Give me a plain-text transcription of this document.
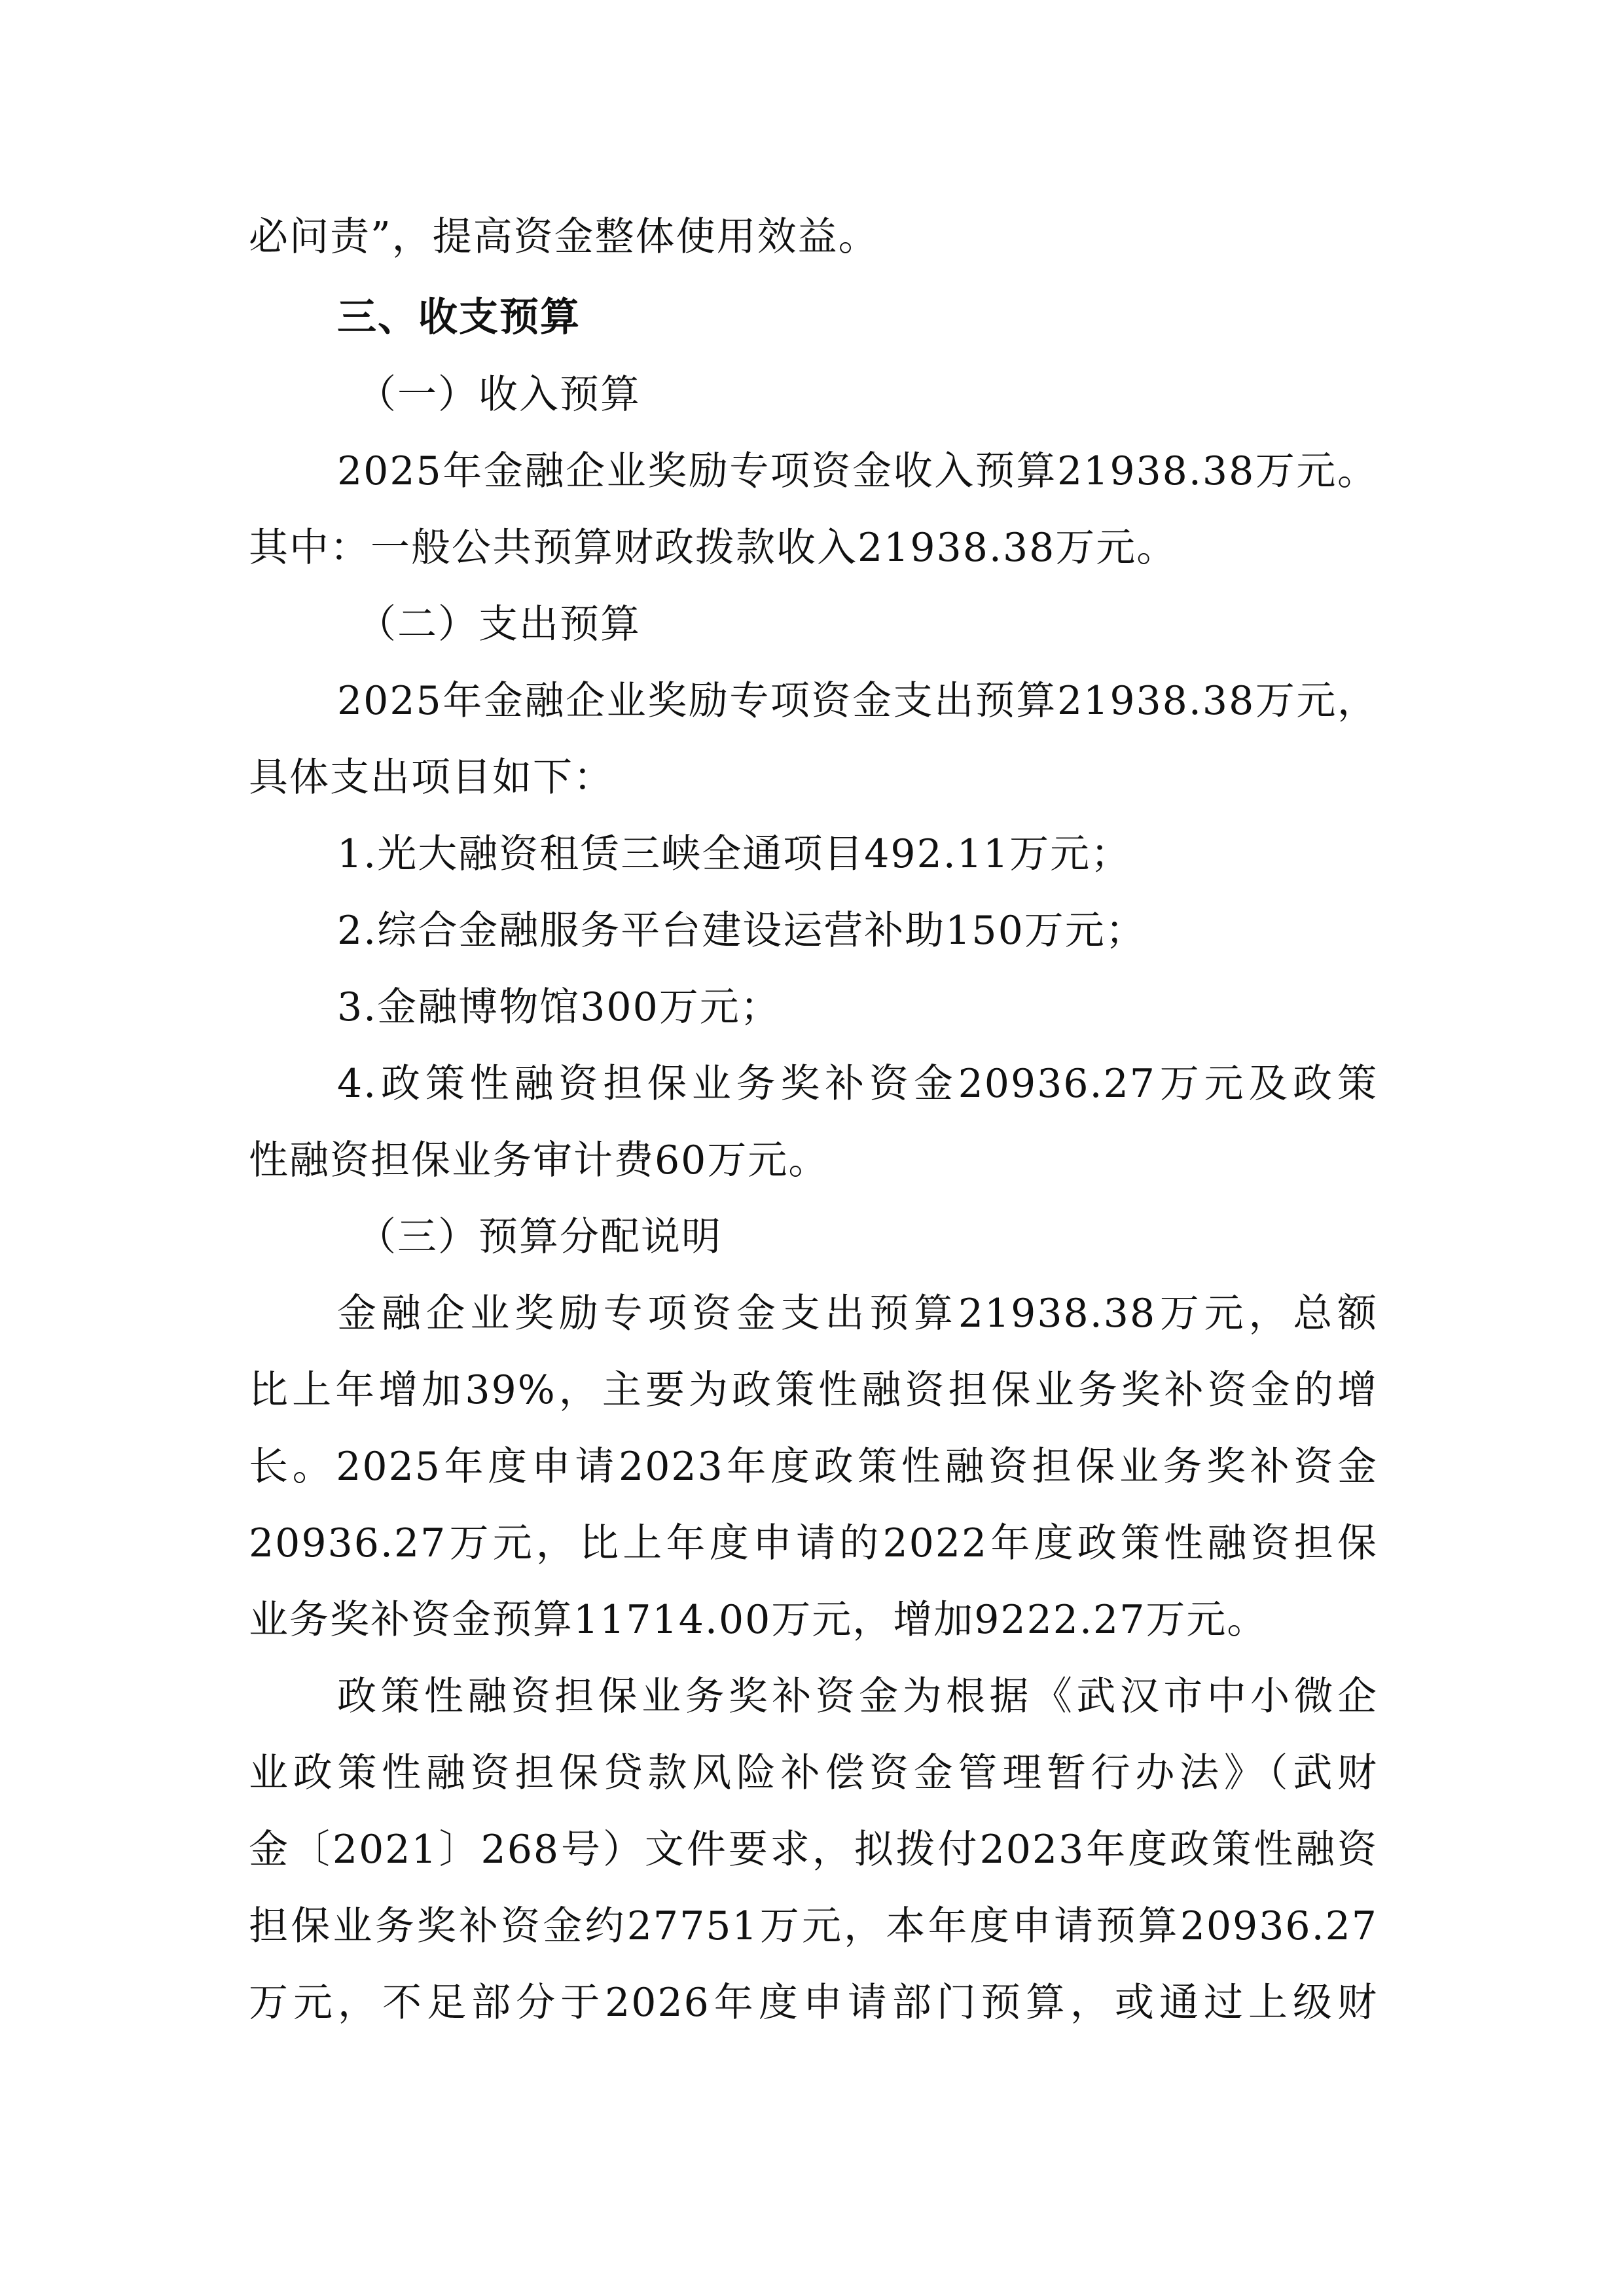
必问责”，提高资金整体使用效益。
三、收支预算
（一）收入预算
2025年金融企业奖励专项资金收入预算21938.38万元。
其中：一般公共预算财政拨款收入21938.38万元。
（二）支出预算
2025年金融企业奖励专项资金支出预算21938.38万元，
具体支出项目如下：
1.光大融资租赁三峡全通项目492.11万元；
2.综合金融服务平台建设运营补助150万元；
3.金融博物馆300万元；
4.政策性融资担保业务奖补资金20936.27万元及政策
性融资担保业务审计费60万元。
（三）预算分配说明
金融企业奖励专项资金支出预算21938.38万元，总额
比上年增加39%，主要为政策性融资担保业务奖补资金的增
长。2025年度申请2023年度政策性融资担保业务奖补资金
20936.27万元，比上年度申请的2022年度政策性融资担保
业务奖补资金预算11714.00万元，增加9222.27万元。
政策性融资担保业务奖补资金为根据《武汉市中小微企
业政策性融资担保贷款风险补偿资金管理暂行办法》（武财
金〔2021〕268号）文件要求，拟拨付2023年度政策性融资
担保业务奖补资金约27751万元，本年度申请预算20936.27
万元，不足部分于2026年度申请部门预算，或通过上级财
